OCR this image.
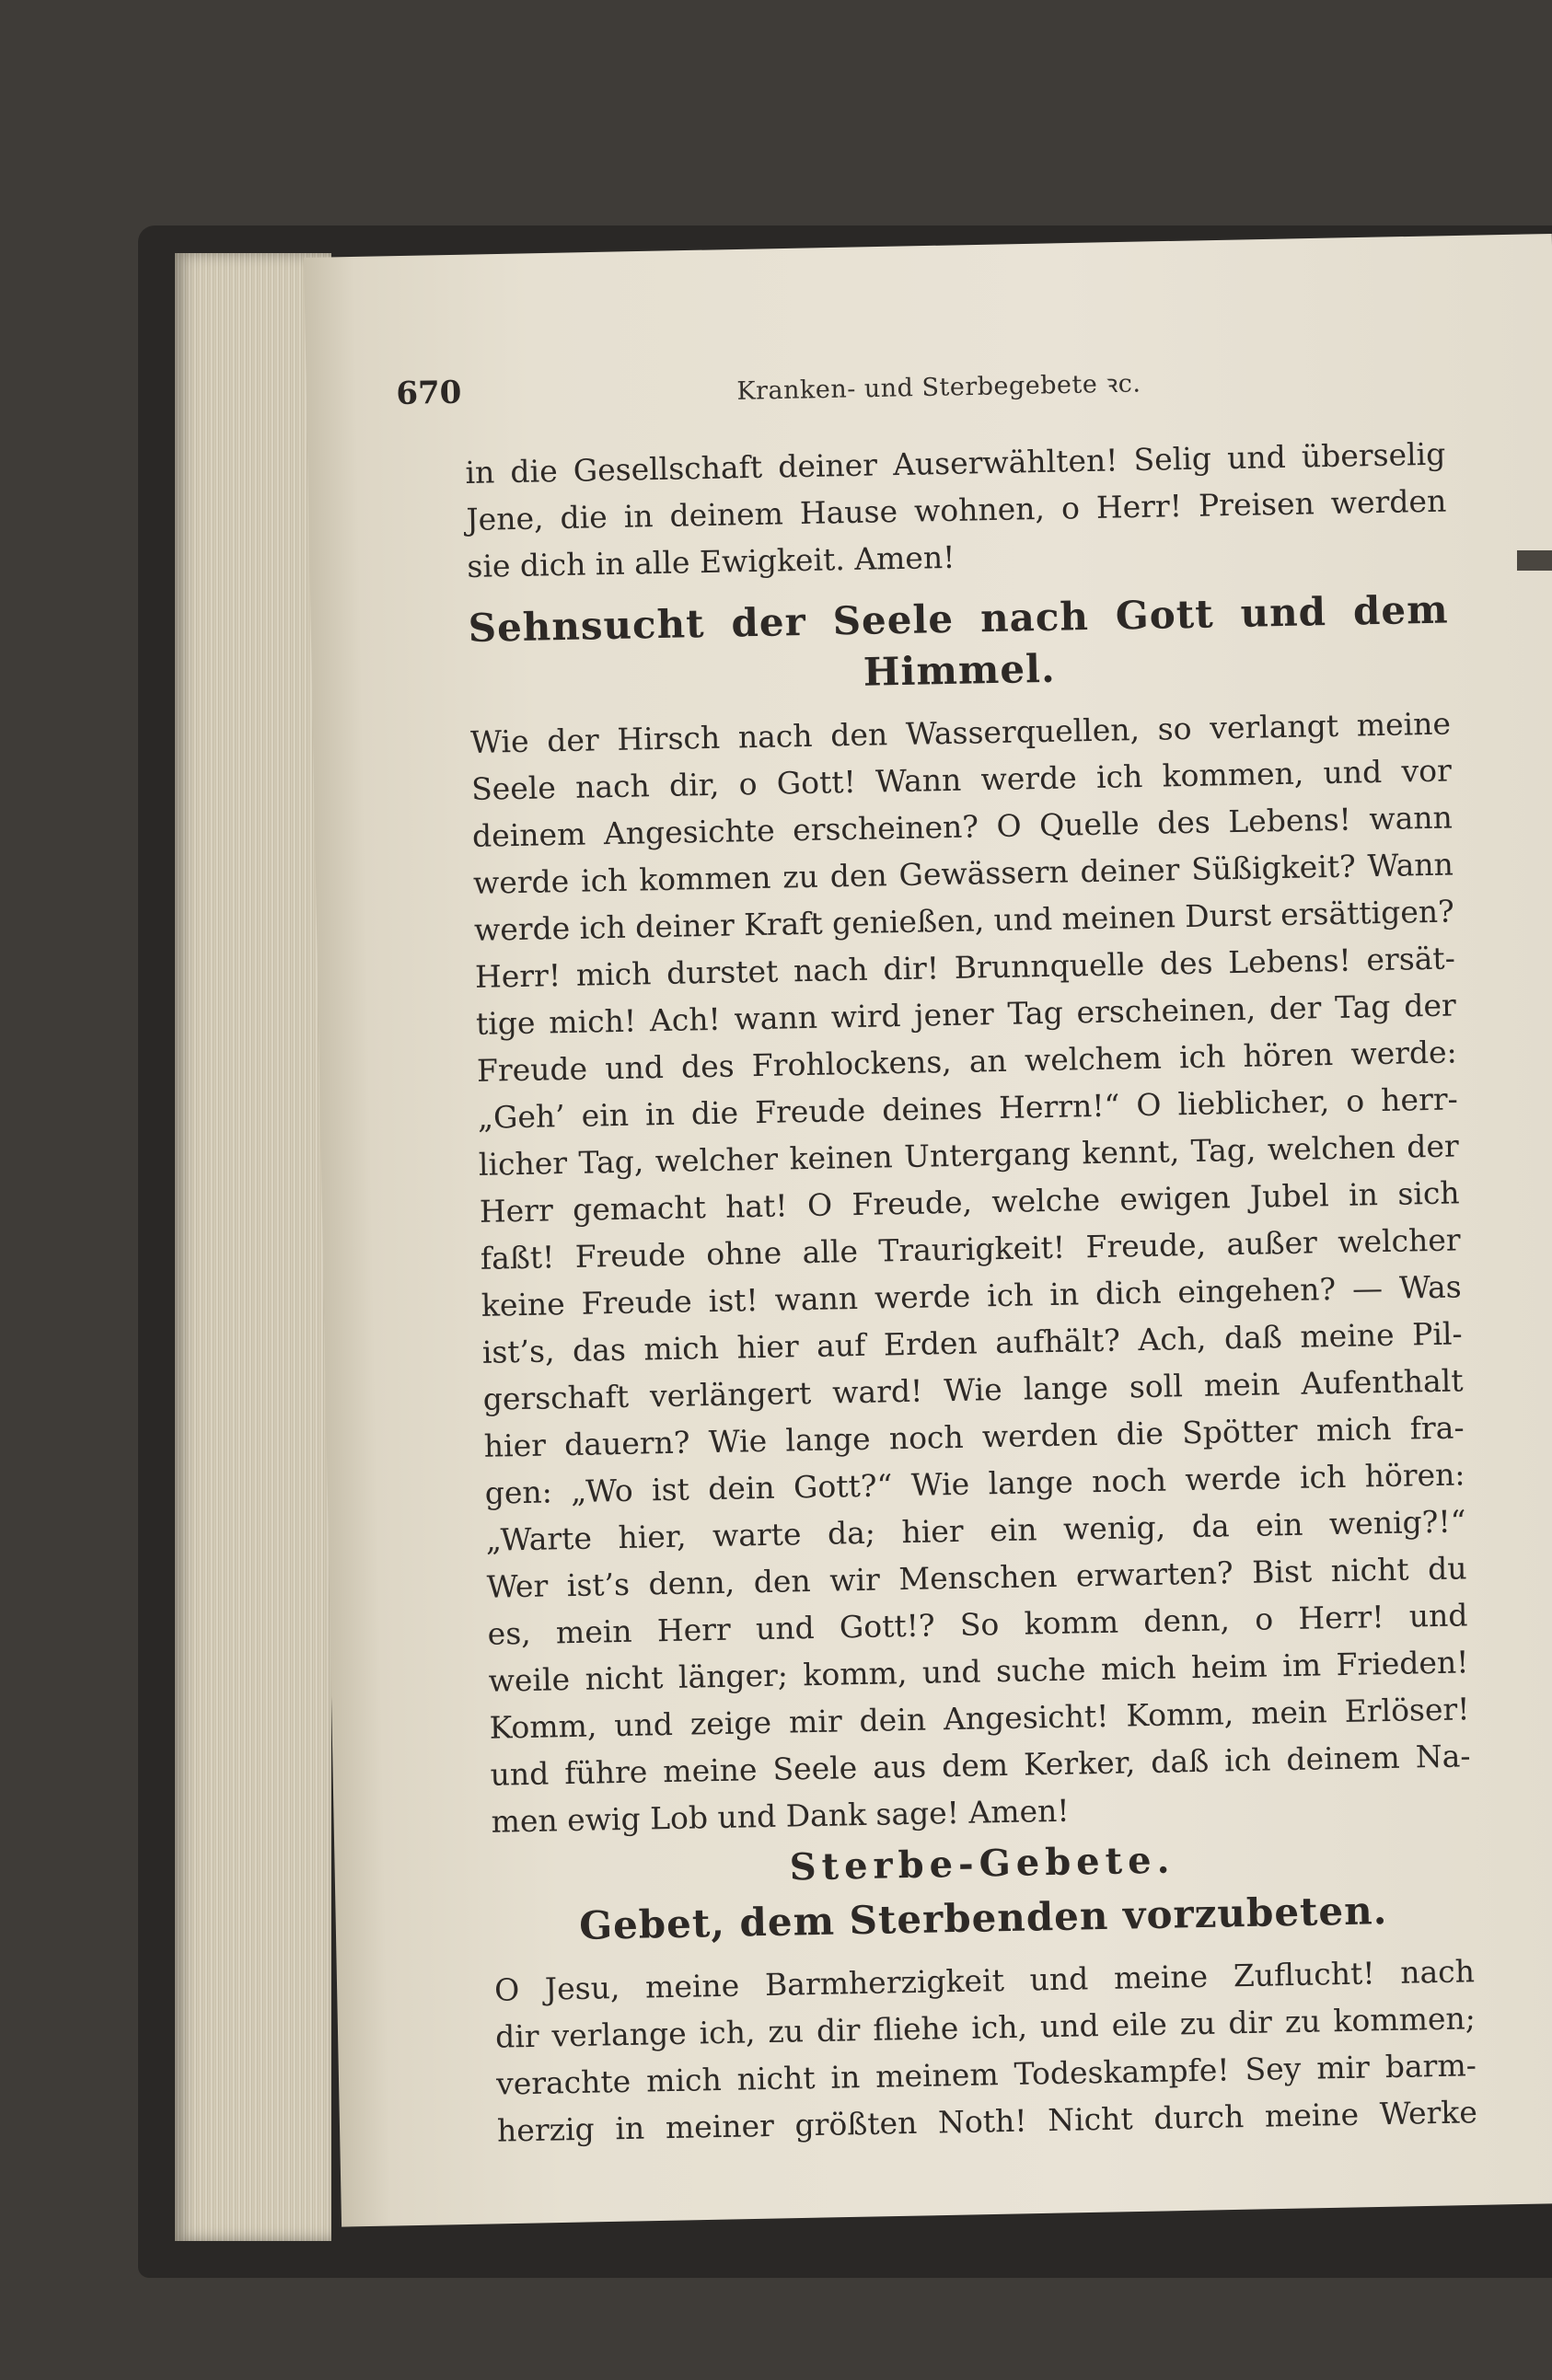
670	Kranken- und Sterbegebete ꝛc.
in die Gesellschaft deiner Auserwählten! Selig und überselig
Jene, die in deinem Hause wohnen, o Herr! Preisen werden
sie dich in alle Ewigkeit. Amen!
Sehnsucht der Seele nach Gott und dem
Himmel.
Wie der Hirsch nach den Wasserquellen, so verlangt meine
Seele nach dir, o Gott! Wann werde ich kommen, und vor
deinem Angesichte erscheinen? O Quelle des Lebens! wann
werde ich kommen zu den Gewässern deiner Süßigkeit? Wann
werde ich deiner Kraft genießen, und meinen Durst ersättigen?
Herr! mich durstet nach dir! Brunnquelle des Lebens! ersät-
tige mich! Ach! wann wird jener Tag erscheinen, der Tag der
Freude und des Frohlockens, an welchem ich hören werde:
„Geh’ ein in die Freude deines Herrn!“ O lieblicher, o herr-
licher Tag, welcher keinen Untergang kennt, Tag, welchen der
Herr gemacht hat! O Freude, welche ewigen Jubel in sich
faßt! Freude ohne alle Traurigkeit! Freude, außer welcher
keine Freude ist! wann werde ich in dich eingehen? — Was
ist’s, das mich hier auf Erden aufhält? Ach, daß meine Pil-
gerschaft verlängert ward! Wie lange soll mein Aufenthalt
hier dauern? Wie lange noch werden die Spötter mich fra-
gen: „Wo ist dein Gott?“ Wie lange noch werde ich hören:
„Warte hier, warte da; hier ein wenig, da ein wenig?!“
Wer ist’s denn, den wir Menschen erwarten? Bist nicht du
es, mein Herr und Gott!? So komm denn, o Herr! und
weile nicht länger; komm, und suche mich heim im Frieden!
Komm, und zeige mir dein Angesicht! Komm, mein Erlöser!
und führe meine Seele aus dem Kerker, daß ich deinem Na-
men ewig Lob und Dank sage! Amen!
Sterbe-Gebete.
Gebet, dem Sterbenden vorzubeten.
O Jesu, meine Barmherzigkeit und meine Zuflucht! nach
dir verlange ich, zu dir fliehe ich, und eile zu dir zu kommen;
verachte mich nicht in meinem Todeskampfe! Sey mir barm-
herzig in meiner größten Noth! Nicht durch meine Werke
